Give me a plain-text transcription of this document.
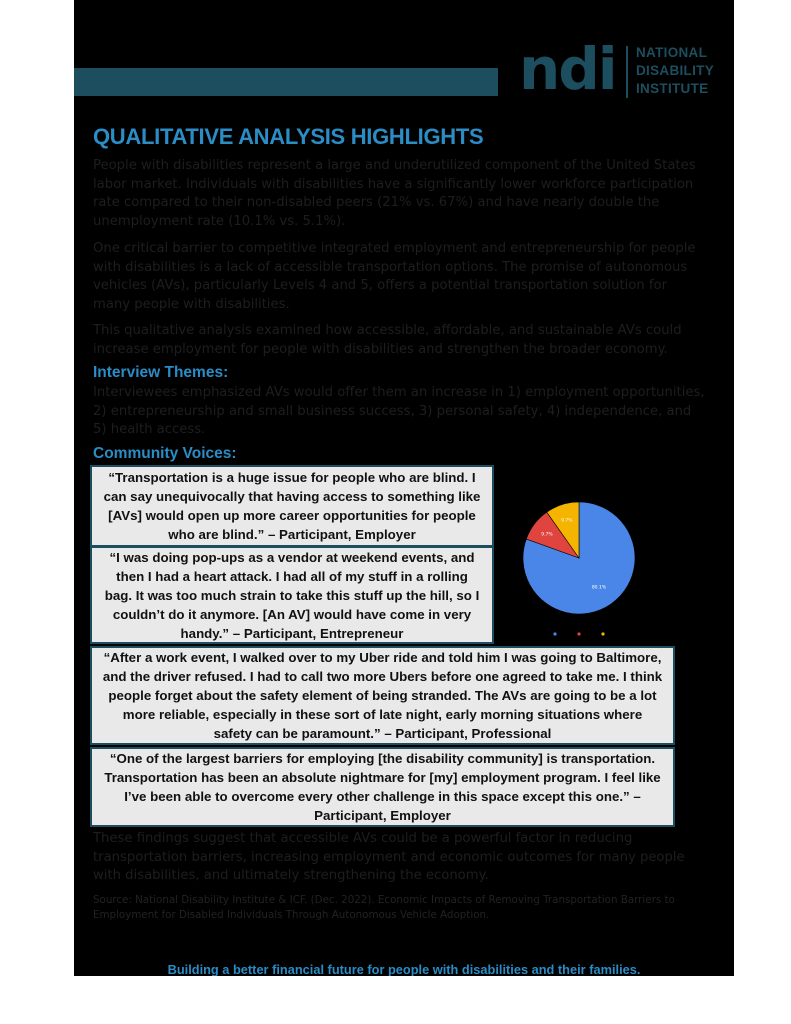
ndi NATIONAL
DISABILITY
INSTITUTE
QUALITATIVE ANALYSIS HIGHLIGHTS

People with disabilities represent a large and underutilized component of the United States labor market. Individuals with disabilities have a significantly lower workforce participation rate compared to their non-disabled peers (21% vs. 67%) and have nearly double the unemployment rate (10.1% vs. 5.1%).

One critical barrier to competitive integrated employment and entrepreneurship for people with disabilities is a lack of accessible transportation options. The promise of autonomous vehicles (AVs), particularly Levels 4 and 5, offers a potential transportation solution for many people with disabilities.

This qualitative analysis examined how accessible, affordable, and sustainable AVs could increase employment for people with disabilities and strengthen the broader economy.

Interview Themes:

Interviewees emphasized AVs would offer them an increase in 1) employment opportunities, 2) entrepreneurship and small business success, 3) personal safety, 4) independence, and 5) health access.

Community Voices:
“Transportation is a huge issue for people who are blind. I can say unequivocally that having access to something like [AVs] would open up more career opportunities for people who are blind.” – Participant, Employer
“I was doing pop-ups as a vendor at weekend events, and then I had a heart attack. I had all of my stuff in a rolling bag. It was too much strain to take this stuff up the hill, so I couldn’t do it anymore. [An AV] would have come in very handy.” – Participant, Entrepreneur
“After a work event, I walked over to my Uber ride and told him I was going to Baltimore, and the driver refused. I had to call two more Ubers before one agreed to take me. I think people forget about the safety element of being stranded. The AVs are going to be a lot more reliable, especially in these sort of late night, early morning situations where safety can be paramount.” – Participant, Professional
“One of the largest barriers for employing [the disability community] is transportation. Transportation has been an absolute nightmare for [my] employment program. I feel like I’ve been able to overcome every other challenge in this space except this one.” – Participant, Employer
80.1%
9.7%
9.7%

These findings suggest that accessible AVs could be a powerful factor in reducing transportation barriers, increasing employment and economic outcomes for many people with disabilities, and ultimately strengthening the economy.

Source: National Disability Institute & ICF. (Dec. 2022). Economic Impacts of Removing Transportation Barriers to Employment for Disabled Individuals Through Autonomous Vehicle Adoption.

Building a better financial future for people with disabilities and their families.
